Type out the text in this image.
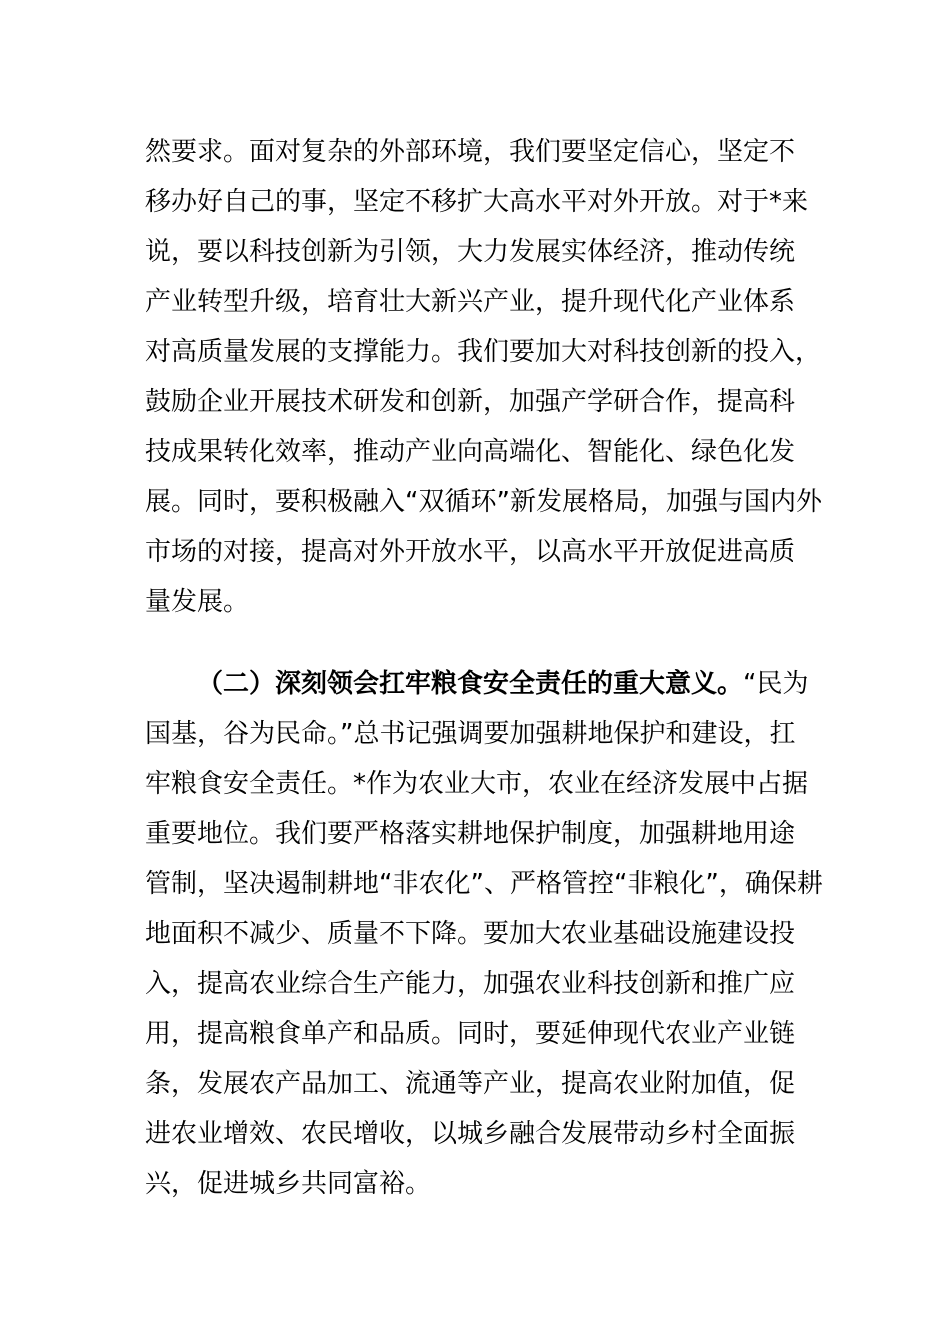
然要求。面对复杂的外部环境，我们要坚定信心，坚定不
移办好自己的事，坚定不移扩大高水平对外开放。对于*来
说，要以科技创新为引领，大力发展实体经济，推动传统
产业转型升级，培育壮大新兴产业，提升现代化产业体系
对高质量发展的支撑能力。我们要加大对科技创新的投入，
鼓励企业开展技术研发和创新，加强产学研合作，提高科
技成果转化效率，推动产业向高端化、智能化、绿色化发
展。同时，要积极融入“双循环”新发展格局，加强与国内外
市场的对接，提高对外开放水平，以高水平开放促进高质
量发展。
（二）深刻领会扛牢粮食安全责任的重大意义。“民为
国基，谷为民命。”总书记强调要加强耕地保护和建设，扛
牢粮食安全责任。*作为农业大市，农业在经济发展中占据
重要地位。我们要严格落实耕地保护制度，加强耕地用途
管制，坚决遏制耕地“非农化”、严格管控“非粮化”，确保耕
地面积不减少、质量不下降。要加大农业基础设施建设投
入，提高农业综合生产能力，加强农业科技创新和推广应
用，提高粮食单产和品质。同时，要延伸现代农业产业链
条，发展农产品加工、流通等产业，提高农业附加值，促
进农业增效、农民增收，以城乡融合发展带动乡村全面振
兴，促进城乡共同富裕。
